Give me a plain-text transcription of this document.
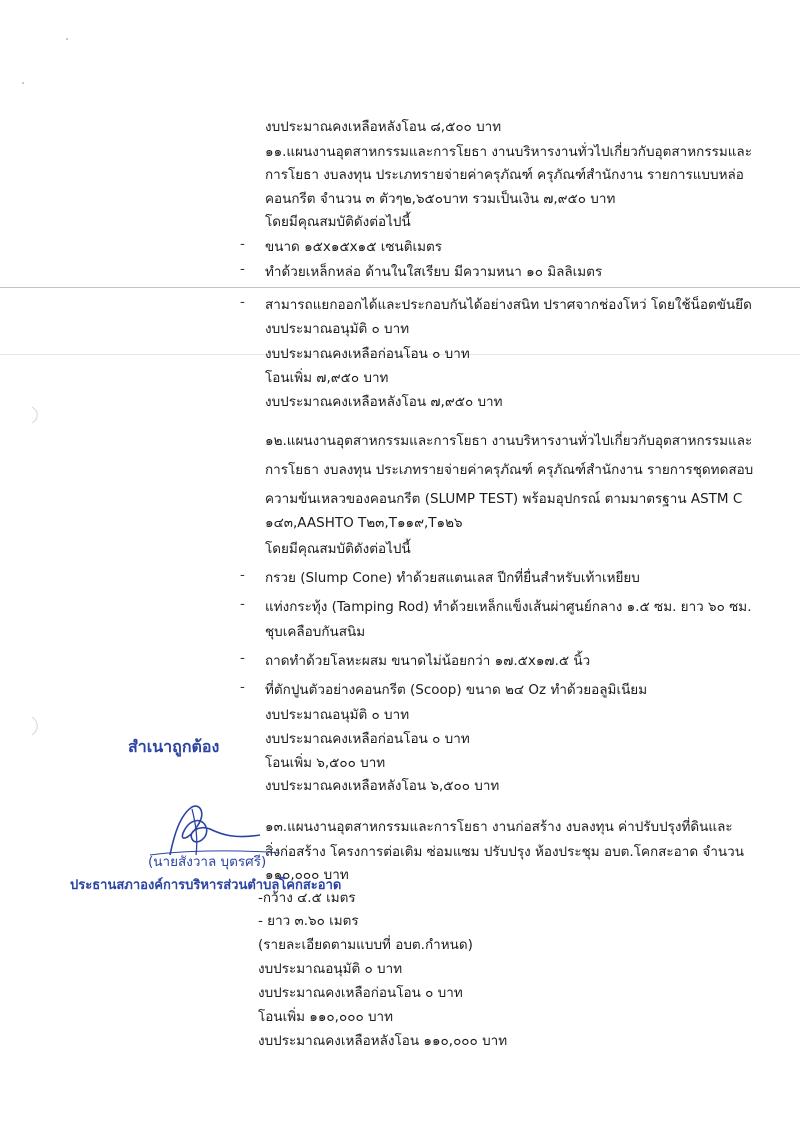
-
-
-
-
-
-
-
งบประมาณคงเหลือหลังโอน ๘,๕๐๐ บาท
๑๑.แผนงานอุตสาหกรรมและการโยธา งานบริหารงานทั่วไปเกี่ยวกับอุตสาหกรรมและ
การโยธา งบลงทุน ประเภทรายจ่ายค่าครุภัณฑ์ ครุภัณฑ์สำนักงาน รายการแบบหล่อ
คอนกรีต จำนวน ๓ ตัวๆ๒,๖๕๐บาท รวมเป็นเงิน ๗,๙๕๐ บาท
โดยมีคุณสมบัติดังต่อไปนี้
ขนาด ๑๕x๑๕x๑๕ เซนติเมตร
ทำด้วยเหล็กหล่อ ด้านในใสเรียบ มีความหนา ๑๐ มิลลิเมตร
สามารถแยกออกได้และประกอบกันได้อย่างสนิท ปราศจากช่องโหว่ โดยใช้น็อตขันยึด
งบประมาณอนุมัติ ๐ บาท
งบประมาณคงเหลือก่อนโอน ๐ บาท
โอนเพิ่ม ๗,๙๕๐ บาท
งบประมาณคงเหลือหลังโอน ๗,๙๕๐ บาท
๑๒.แผนงานอุตสาหกรรมและการโยธา งานบริหารงานทั่วไปเกี่ยวกับอุตสาหกรรมและ
การโยธา งบลงทุน ประเภทรายจ่ายค่าครุภัณฑ์ ครุภัณฑ์สำนักงาน รายการชุดทดสอบ
ความข้นเหลวของคอนกรีต (SLUMP TEST) พร้อมอุปกรณ์ ตามมาตรฐาน ASTM C
๑๔๓,AASHTO T๒๓,T๑๑๙,T๑๒๖
โดยมีคุณสมบัติดังต่อไปนี้
กรวย (Slump Cone) ทำด้วยสแตนเลส ปีกที่ยื่นสำหรับเท้าเหยียบ
แท่งกระทุ้ง (Tamping Rod) ทำด้วยเหล็กแข็งเส้นผ่าศูนย์กลาง ๑.๕ ซม. ยาว ๖๐ ซม.
ชุบเคลือบกันสนิม
ถาดทำด้วยโลหะผสม ขนาดไม่น้อยกว่า ๑๗.๕x๑๗.๕ นิ้ว
ที่ตักปูนตัวอย่างคอนกรีต (Scoop) ขนาด ๒๔ Oz ทำด้วยอลูมิเนียม
งบประมาณอนุมัติ ๐ บาท
งบประมาณคงเหลือก่อนโอน ๐ บาท
โอนเพิ่ม ๖,๕๐๐ บาท
งบประมาณคงเหลือหลังโอน ๖,๕๐๐ บาท
๑๓.แผนงานอุตสาหกรรมและการโยธา งานก่อสร้าง งบลงทุน ค่าปรับปรุงที่ดินและ
สิ่งก่อสร้าง โครงการต่อเติม ซ่อมแซม ปรับปรุง ห้องประชุม อบต.โคกสะอาด จำนวน
๑๑๐,๐๐๐ บาท
-กว้าง ๔.๕ เมตร
- ยาว ๓.๖๐ เมตร
(รายละเอียดตามแบบที่ อบต.กำหนด)
งบประมาณอนุมัติ ๐ บาท
งบประมาณคงเหลือก่อนโอน ๐ บาท
โอนเพิ่ม ๑๑๐,๐๐๐ บาท
งบประมาณคงเหลือหลังโอน ๑๑๐,๐๐๐ บาท
สำเนาถูกต้อง
(นายสังวาล บุตรศรี)
ประธานสภาองค์การบริหารส่วนตำบลโคกสะอาด
